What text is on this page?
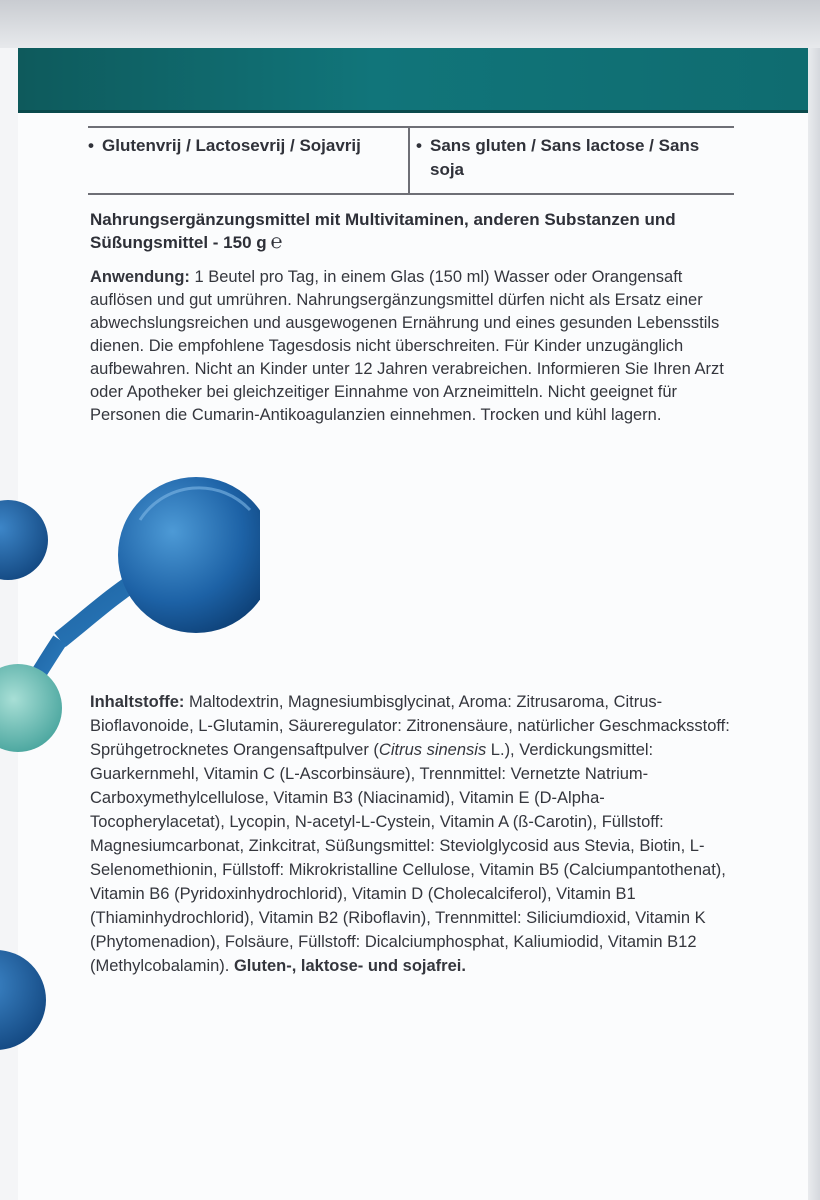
• Glutenvrij / Lactosevrij / Sojavrij	• Sans gluten / Sans lactose / Sans soja
Nahrungsergänzungsmittel mit Multivitaminen, anderen Substanzen und Süßungsmittel - 150 g ℮
Anwendung: 1 Beutel pro Tag, in einem Glas (150 ml) Wasser oder Orangensaft auflösen und gut umrühren. Nahrungsergänzungsmittel dürfen nicht als Ersatz einer abwechslungsreichen und ausgewogenen Ernährung und eines gesunden Lebensstils dienen. Die empfohlene Tagesdosis nicht überschreiten. Für Kinder unzugänglich aufbewahren. Nicht an Kinder unter 12 Jahren verabreichen. Informieren Sie Ihren Arzt oder Apotheker bei gleichzeitiger Einnahme von Arzneimitteln. Nicht geeignet für Personen die Cumarin-Antikoagulanzien einnehmen. Trocken und kühl lagern.
Inhaltstoffe: Maltodextrin, Magnesiumbisglycinat, Aroma: Zitrusaroma, Citrus-Bioflavonoide, L-Glutamin, Säureregulator: Zitronensäure, natürlicher Geschmacksstoff: Sprühgetrocknetes Orangensaftpulver (Citrus sinensis L.), Verdickungsmittel: Guarkernmehl, Vitamin C (L-Ascorbinsäure), Trennmittel: Vernetzte Natrium-Carboxymethylcellulose, Vitamin B3 (Niacinamid), Vitamin E (D-Alpha-Tocopherylacetat), Lycopin, N-acetyl-L-Cystein, Vitamin A (ß-Carotin), Füllstoff: Magnesiumcarbonat, Zinkcitrat, Süßungsmittel: Steviolglycosid aus Stevia, Biotin, L-Selenomethionin, Füllstoff: Mikrokristalline Cellulose, Vitamin B5 (Calciumpantothenat), Vitamin B6 (Pyridoxinhydrochlorid), Vitamin D (Cholecalciferol), Vitamin B1 (Thiaminhydrochlorid), Vitamin B2 (Riboflavin), Trennmittel: Siliciumdioxid, Vitamin K (Phytomenadion), Folsäure, Füllstoff: Dicalciumphosphat, Kaliumiodid, Vitamin B12 (Methylcobalamin). Gluten-, laktose- und sojafrei.
